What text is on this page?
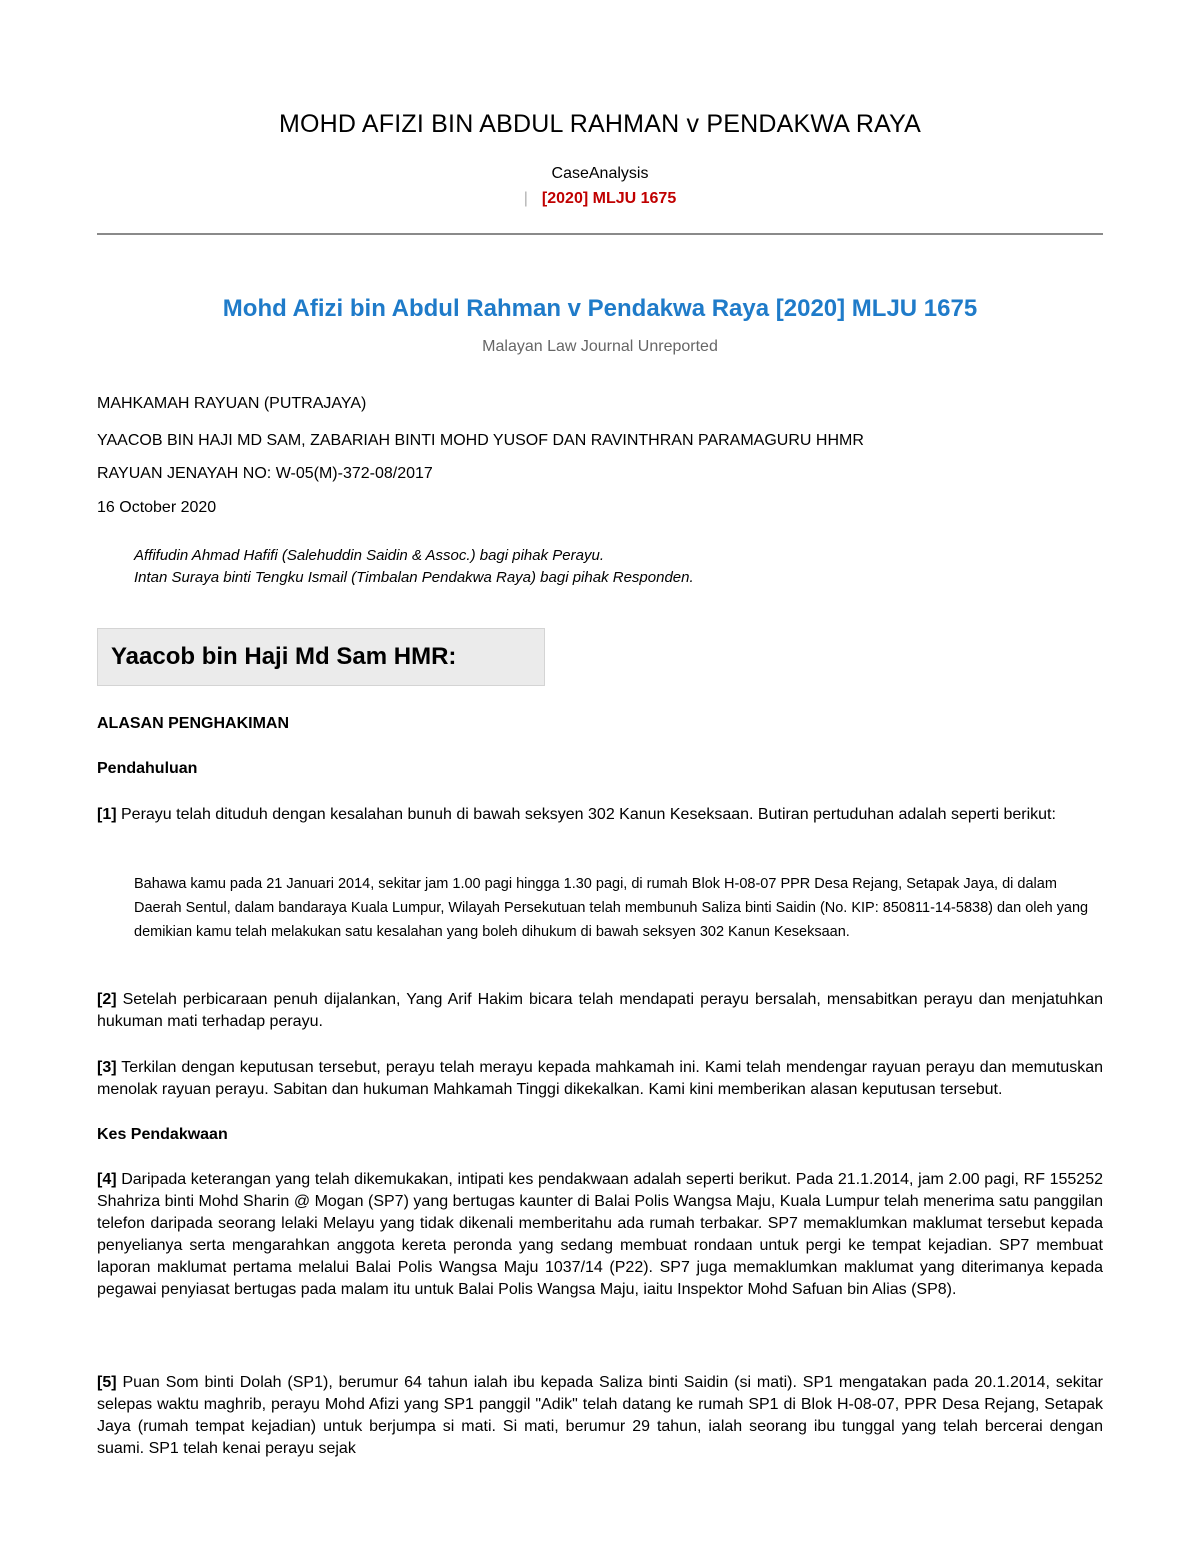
MOHD AFIZI BIN ABDUL RAHMAN v PENDAKWA RAYA
CaseAnalysis
| [2020] MLJU 1675
Mohd Afizi bin Abdul Rahman v Pendakwa Raya [2020] MLJU 1675
Malayan Law Journal Unreported
MAHKAMAH RAYUAN (PUTRAJAYA)
YAACOB BIN HAJI MD SAM, ZABARIAH BINTI MOHD YUSOF DAN RAVINTHRAN PARAMAGURU HHMR
RAYUAN JENAYAH NO: W-05(M)-372-08/2017
16 October 2020
Affifudin Ahmad Hafifi (Salehuddin Saidin & Assoc.) bagi pihak Perayu.
Intan Suraya binti Tengku Ismail (Timbalan Pendakwa Raya) bagi pihak Responden.
Yaacob bin Haji Md Sam HMR:
ALASAN PENGHAKIMAN
Pendahuluan
[1] Perayu telah dituduh dengan kesalahan bunuh di bawah seksyen 302 Kanun Keseksaan. Butiran pertuduhan adalah seperti berikut:
Bahawa kamu pada 21 Januari 2014, sekitar jam 1.00 pagi hingga 1.30 pagi, di rumah Blok H-08-07 PPR Desa Rejang, Setapak Jaya, di dalam Daerah Sentul, dalam bandaraya Kuala Lumpur, Wilayah Persekutuan telah membunuh Saliza binti Saidin (No. KIP: 850811-14-5838) dan oleh yang demikian kamu telah melakukan satu kesalahan yang boleh dihukum di bawah seksyen 302 Kanun Keseksaan.
[2] Setelah perbicaraan penuh dijalankan, Yang Arif Hakim bicara telah mendapati perayu bersalah, mensabitkan perayu dan menjatuhkan hukuman mati terhadap perayu.
[3] Terkilan dengan keputusan tersebut, perayu telah merayu kepada mahkamah ini. Kami telah mendengar rayuan perayu dan memutuskan menolak rayuan perayu. Sabitan dan hukuman Mahkamah Tinggi dikekalkan. Kami kini memberikan alasan keputusan tersebut.
Kes Pendakwaan
[4] Daripada keterangan yang telah dikemukakan, intipati kes pendakwaan adalah seperti berikut. Pada 21.1.2014, jam 2.00 pagi, RF 155252 Shahriza binti Mohd Sharin @ Mogan (SP7) yang bertugas kaunter di Balai Polis Wangsa Maju, Kuala Lumpur telah menerima satu panggilan telefon daripada seorang lelaki Melayu yang tidak dikenali memberitahu ada rumah terbakar. SP7 memaklumkan maklumat tersebut kepada penyelianya serta mengarahkan anggota kereta peronda yang sedang membuat rondaan untuk pergi ke tempat kejadian. SP7 membuat laporan maklumat pertama melalui Balai Polis Wangsa Maju 1037/14 (P22). SP7 juga memaklumkan maklumat yang diterimanya kepada pegawai penyiasat bertugas pada malam itu untuk Balai Polis Wangsa Maju, iaitu Inspektor Mohd Safuan bin Alias (SP8).
[5] Puan Som binti Dolah (SP1), berumur 64 tahun ialah ibu kepada Saliza binti Saidin (si mati). SP1 mengatakan pada 20.1.2014, sekitar selepas waktu maghrib, perayu Mohd Afizi yang SP1 panggil "Adik" telah datang ke rumah SP1 di Blok H-08-07, PPR Desa Rejang, Setapak Jaya (rumah tempat kejadian) untuk berjumpa si mati. Si mati, berumur 29 tahun, ialah seorang ibu tunggal yang telah bercerai dengan suami. SP1 telah kenai perayu sejak
